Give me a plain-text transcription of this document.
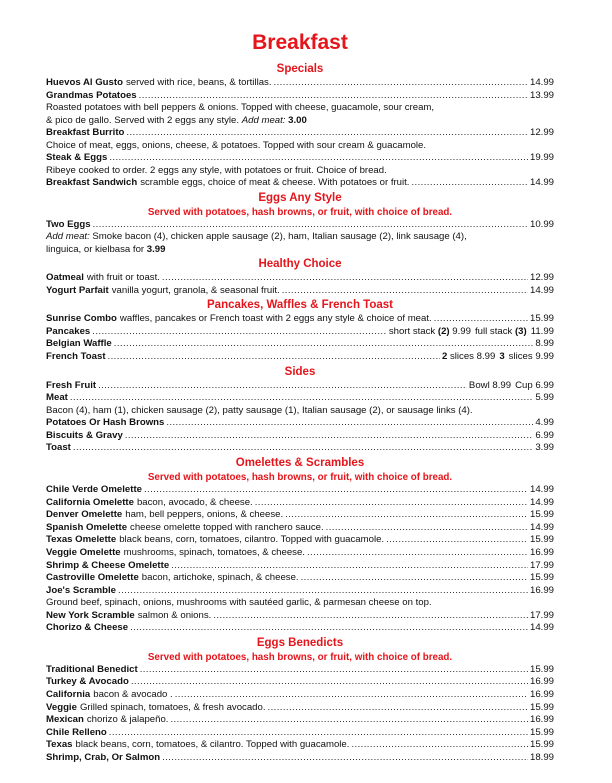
Breakfast
Specials
Huevos Al Gusto served with rice, beans, & tortillas. .....	14.99
Grandmas Potatoes .....	13.99
Roasted potatoes with bell peppers & onions. Topped with cheese, guacamole, sour cream,
& pico de gallo. Served with 2 eggs any style. Add meat: 3.00
Breakfast Burrito .....	12.99
Choice of meat, eggs, onions, cheese, & potatoes. Topped with sour cream & guacamole.
Steak & Eggs .....	19.99
Ribeye cooked to order. 2 eggs any style, with potatoes or fruit. Choice of bread.
Breakfast Sandwich scramble eggs, choice of meat & cheese. With potatoes or fruit. .....	14.99
Eggs Any Style
Served with potatoes, hash browns, or fruit, with choice of bread.
Two Eggs .....	10.99
Add meat: Smoke bacon (4), chicken apple sausage (2), ham, Italian sausage (2), link sausage (4),
linguica, or kielbasa for 3.99
Healthy Choice
Oatmeal with fruit or toast. .....	12.99
Yogurt Parfait vanilla yogurt, granola, & seasonal fruit. .....	14.99
Pancakes, Waffles & French Toast
Sunrise Combo waffles, pancakes or French toast with 2 eggs any style & choice of meat. .....	15.99
Pancakes .....	short stack (2) 9.99 full stack (3) 11.99
Belgian Waffle .....	8.99
French Toast .....	2 slices 8.99 3 slices 9.99
Sides
Fresh Fruit .....	Bowl 8.99 Cup 6.99
Meat .....	5.99
Bacon (4), ham (1), chicken sausage (2), patty sausage (1), Italian sausage (2), or sausage links (4).
Potatoes Or Hash Browns .....	4.99
Biscuits & Gravy .....	6.99
Toast .....	3.99
Omelettes & Scrambles
Served with potatoes, hash browns, or fruit, with choice of bread.
Chile Verde Omelette .....	14.99
California Omelette bacon, avocado, & cheese. .....	14.99
Denver Omelette ham, bell peppers, onions, & cheese. .....	15.99
Spanish Omelette cheese omelette topped with ranchero sauce. .....	14.99
Texas Omelette black beans, corn, tomatoes, cilantro. Topped with guacamole. .....	15.99
Veggie Omelette mushrooms, spinach, tomatoes, & cheese. .....	16.99
Shrimp & Cheese Omelette .....	17.99
Castroville Omelette bacon, artichoke, spinach, & cheese. .....	15.99
Joe's Scramble .....	16.99
Ground beef, spinach, onions, mushrooms with sautéed garlic, & parmesan cheese on top.
New York Scramble salmon & onions. .....	17.99
Chorizo & Cheese .....	14.99
Eggs Benedicts
Served with potatoes, hash browns, or fruit, with choice of bread.
Traditional Benedict .....	15.99
Turkey & Avocado .....	16.99
California bacon & avocado . .....	16.99
Veggie Grilled spinach, tomatoes, & fresh avocado. .....	15.99
Mexican chorizo & jalapeño. .....	16.99
Chile Relleno .....	15.99
Texas black beans, corn, tomatoes, & cilantro. Topped with guacamole. .....	15.99
Shrimp, Crab, Or Salmon .....	18.99
